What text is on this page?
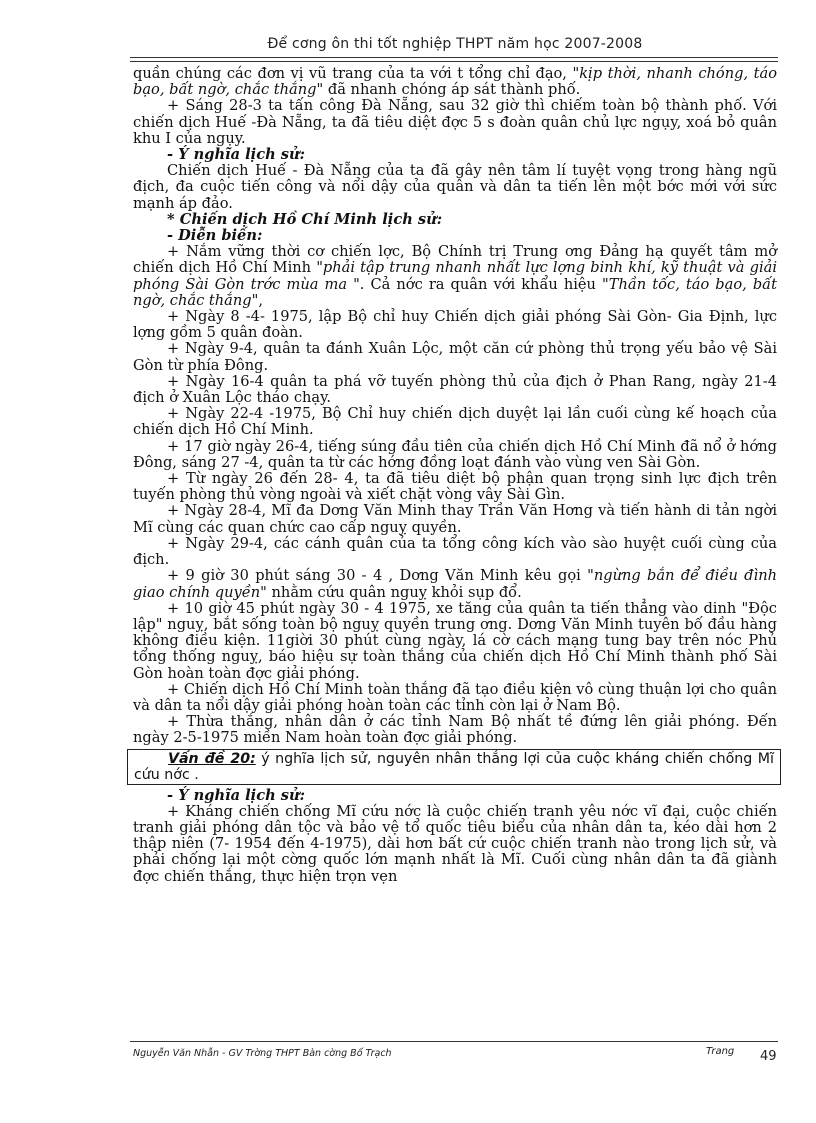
Để cơng ôn thi tốt nghiệp THPT năm học 2007-2008

quần chúng các đơn vị vũ trang của ta với t tổng chỉ đạo, "kịp thời, nhanh chóng, táo bạo, bất ngờ, chắc thắng" đã nhanh chóng áp sát thành phố.

+ Sáng 28-3 ta tấn công Đà Nẵng, sau 32 giờ thì chiếm toàn bộ thành phố. Với chiến dịch Huế -Đà Nẵng, ta đã tiêu diệt đợc 5 s đoàn quân chủ lực ngụy, xoá bỏ quân khu I của ngụy.

- Ý nghĩa lịch sử:

Chiến dịch Huế - Đà Nẵng của ta đã gây nên tâm lí tuyệt vọng trong hàng ngũ địch, đa cuộc tiến công và nổi dậy của quân và dân ta tiến lên một bớc mới với sức mạnh áp đảo.

* Chiến dịch Hồ Chí Minh lịch sử:

- Diễn biến:

+ Nắm vững thời cơ chiến lợc, Bộ Chính trị Trung ơng Đảng hạ quyết tâm mở chiến dịch Hồ Chí Minh "phải tập trung nhanh nhất lực lợng binh khí, kỹ thuật và giải phóng Sài Gòn trớc mùa ma ". Cả nớc ra quân với khẩu hiệu "Thần tốc, táo bạo, bất ngờ, chắc thắng",

+ Ngày 8 -4- 1975, lập Bộ chỉ huy Chiến dịch giải phóng Sài Gòn- Gia Định, lực lợng gồm 5 quân đoàn.

+ Ngày 9-4, quân ta đánh Xuân Lộc, một căn cứ phòng thủ trọng yếu bảo vệ Sài Gòn từ phía Đông.

+ Ngày 16-4 quân ta phá vỡ tuyến phòng thủ của địch ở Phan Rang, ngày 21-4 địch ở Xuân Lộc tháo chạy.

+ Ngày 22-4 -1975, Bộ Chỉ huy chiến dịch duyệt lại lần cuối cùng kế hoạch của chiến dịch Hồ Chí Minh.

+ 17 giờ ngày 26-4, tiếng súng đầu tiên của chiến dịch Hồ Chí Minh đã nổ ở hớng Đông, sáng 27 -4, quân ta từ các hớng đồng loạt đánh vào vùng ven Sài Gòn.

+ Từ ngày 26 đến 28- 4, ta đã tiêu diệt bộ phận quan trọng sinh lực địch trên tuyến phòng thủ vòng ngoài và xiết chặt vòng vây Sài Gìn.

+ Ngày 28-4, Mĩ đa Dơng Văn Minh thay Trần Văn Hơng và tiến hành di tản ngời Mĩ cùng các quan chức cao cấp nguỵ quyền.

+ Ngày 29-4, các cánh quân của ta tổng công kích vào sào huyệt cuối cùng của địch.

+ 9 giờ 30 phút sáng 30 - 4 , Dơng Văn Minh kêu gọi "ngừng bắn để điều đình giao chính quyền" nhằm cứu quân nguỵ khỏi sụp đổ.

+ 10 giờ 45 phút ngày 30 - 4 1975, xe tăng của quân ta tiến thẳng vào dinh "Độc lập" nguỵ, bắt sống toàn bộ nguỵ quyền trung ơng. Dơng Văn Minh tuyên bố đầu hàng không điều kiện. 11giời 30 phút cùng ngày, lá cờ cách mạng tung bay trên nóc Phủ tổng thống nguỵ, báo hiệu sự toàn thắng của chiến dịch Hồ Chí Minh thành phố Sài Gòn hoàn toàn đợc giải phóng.

+ Chiến dịch Hồ Chí Minh toàn thắng đã tạo điều kiện vô cùng thuận lợi cho quân và dân ta nổi dậy giải phóng hoàn toàn các tỉnh còn lại ở Nam Bộ.

+ Thừa thắng, nhân dân ở các tỉnh Nam Bộ nhất tề đứng lên giải phóng. Đến ngày 2-5-1975 miền Nam hoàn toàn đợc giải phóng.

Vấn đề 20: ý nghĩa lịch sử, nguyên nhân thắng lợi của cuộc kháng chiến chống Mĩ cứu nớc .

- Ý nghĩa lịch sử:

+ Kháng chiến chống Mĩ cứu nớc là cuộc chiến tranh yêu nớc vĩ đại, cuộc chiến tranh giải phóng dân tộc và bảo vệ tổ quốc tiêu biểu của nhân dân ta, kéo dài hơn 2 thập niên (7- 1954 đến 4-1975), dài hơn bất cứ cuộc chiến tranh nào trong lịch sử, và phải chống lại một cờng quốc lớn mạnh nhất là Mĩ. Cuối cùng nhân dân ta đã giành đợc chiến thắng, thực hiện trọn vẹn

Nguyễn Văn Nhẫn - GV Trờng THPT Bàn cờng Bố Trạch	Trang 49
